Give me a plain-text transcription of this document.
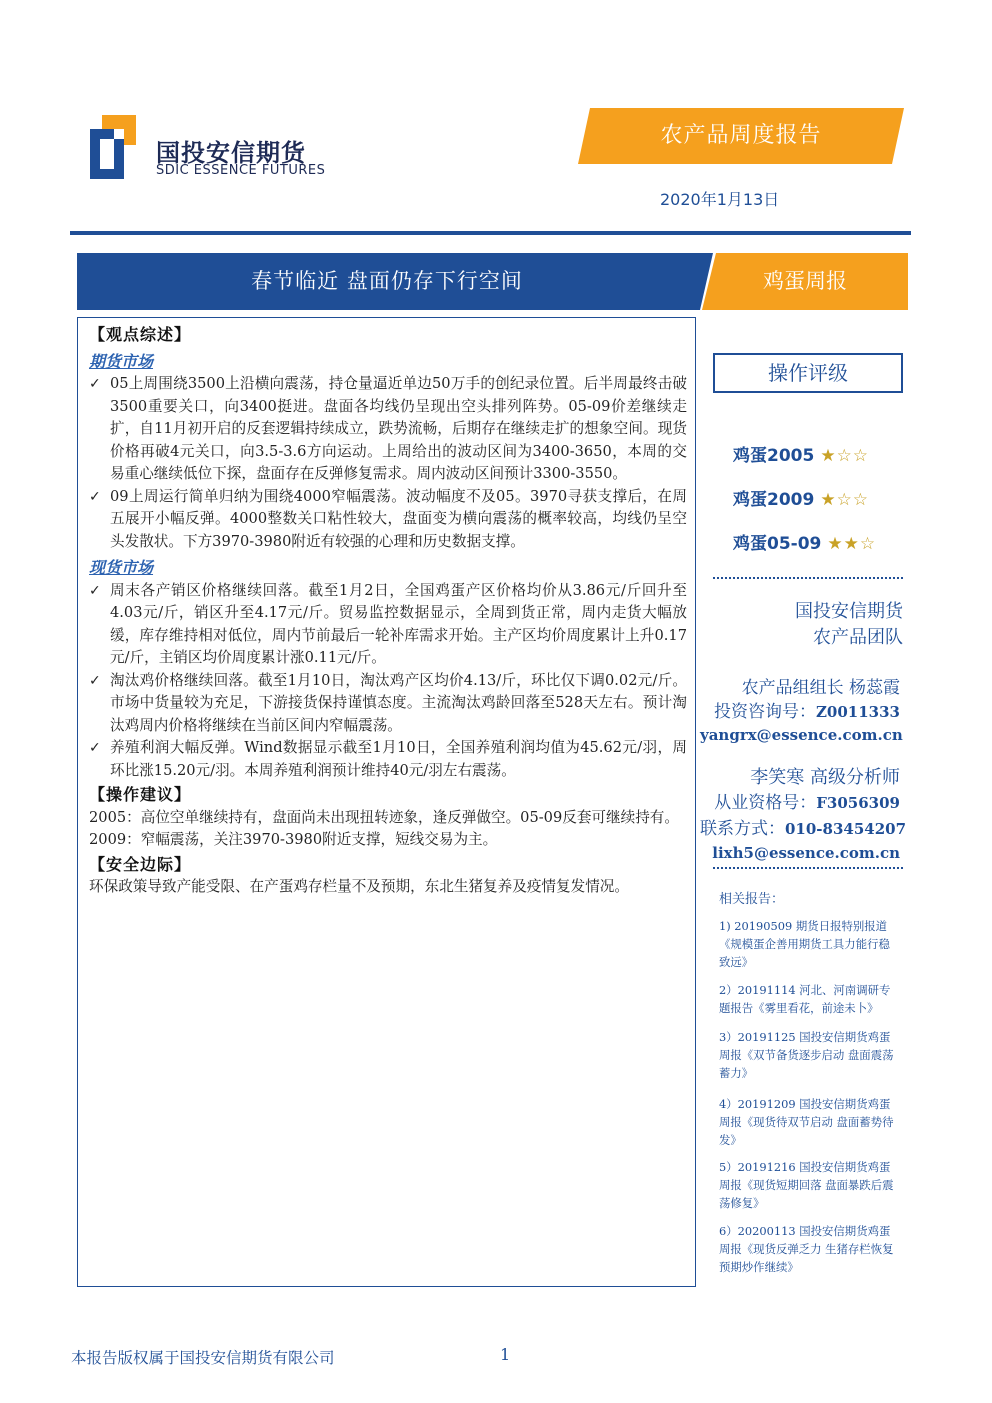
国投安信期货
SDIC ESSENCE FUTURES
农产品周度报告
2020年1月13日
春节临近 盘面仍存下行空间	鸡蛋周报
【观点综述】
期货市场
✓ 05上周围绕3500上沿横向震荡，持仓量逼近单边50万手的创纪录位置。后半周最终击破3500重要关口，向3400挺进。盘面各均线仍呈现出空头排列阵势。05-09价差继续走扩，自11月初开启的反套逻辑持续成立，跌势流畅，后期存在继续走扩的想象空间。现货价格再破4元关口，向3.5-3.6方向运动。上周给出的波动区间为3400-3650，本周的交易重心继续低位下探，盘面存在反弹修复需求。周内波动区间预计3300-3550。
✓ 09上周运行简单归纳为围绕4000窄幅震荡。波动幅度不及05。3970寻获支撑后，在周五展开小幅反弹。4000整数关口粘性较大，盘面变为横向震荡的概率较高，均线仍呈空头发散状。下方3970-3980附近有较强的心理和历史数据支撑。
现货市场
✓ 周末各产销区价格继续回落。截至1月2日，全国鸡蛋产区价格均价从3.86元/斤回升至4.03元/斤，销区升至4.17元/斤。贸易监控数据显示，全周到货正常，周内走货大幅放缓，库存维持相对低位，周内节前最后一轮补库需求开始。主产区均价周度累计上升0.17元/斤，主销区均价周度累计涨0.11元/斤。
✓ 淘汰鸡价格继续回落。截至1月10日，淘汰鸡产区均价4.13/斤，环比仅下调0.02元/斤。市场中货量较为充足，下游接货保持谨慎态度。主流淘汰鸡龄回落至528天左右。预计淘汰鸡周内价格将继续在当前区间内窄幅震荡。
✓ 养殖利润大幅反弹。Wind数据显示截至1月10日，全国养殖利润均值为45.62元/羽，周环比涨15.20元/羽。本周养殖利润预计维持40元/羽左右震荡。
【操作建议】
2005：高位空单继续持有，盘面尚未出现扭转迹象，逢反弹做空。05-09反套可继续持有。
2009：窄幅震荡，关注3970-3980附近支撑，短线交易为主。
【安全边际】
环保政策导致产能受限、在产蛋鸡存栏量不及预期，东北生猪复养及疫情复发情况。
操作评级
鸡蛋2005 ★☆☆
鸡蛋2009 ★☆☆
鸡蛋05-09 ★★☆
国投安信期货
农产品团队
农产品组组长 杨蕊霞
投资咨询号：Z0011333
yangrx@essence.com.cn
李笑寒 高级分析师
从业资格号：F3056309
联系方式：010-83454207
lixh5@essence.com.cn
相关报告：
1) 20190509 期货日报特别报道《规模蛋企善用期货工具力能行稳致远》
2）20191114 河北、河南调研专题报告《雾里看花，前途未卜》
3）20191125 国投安信期货鸡蛋周报《双节备货逐步启动 盘面震荡蓄力》
4）20191209 国投安信期货鸡蛋周报《现货待双节启动 盘面蓄势待发》
5）20191216 国投安信期货鸡蛋周报《现货短期回落 盘面暴跌后震荡修复》
6）20200113 国投安信期货鸡蛋周报《现货反弹乏力 生猪存栏恢复预期炒作继续》
本报告版权属于国投安信期货有限公司	1
